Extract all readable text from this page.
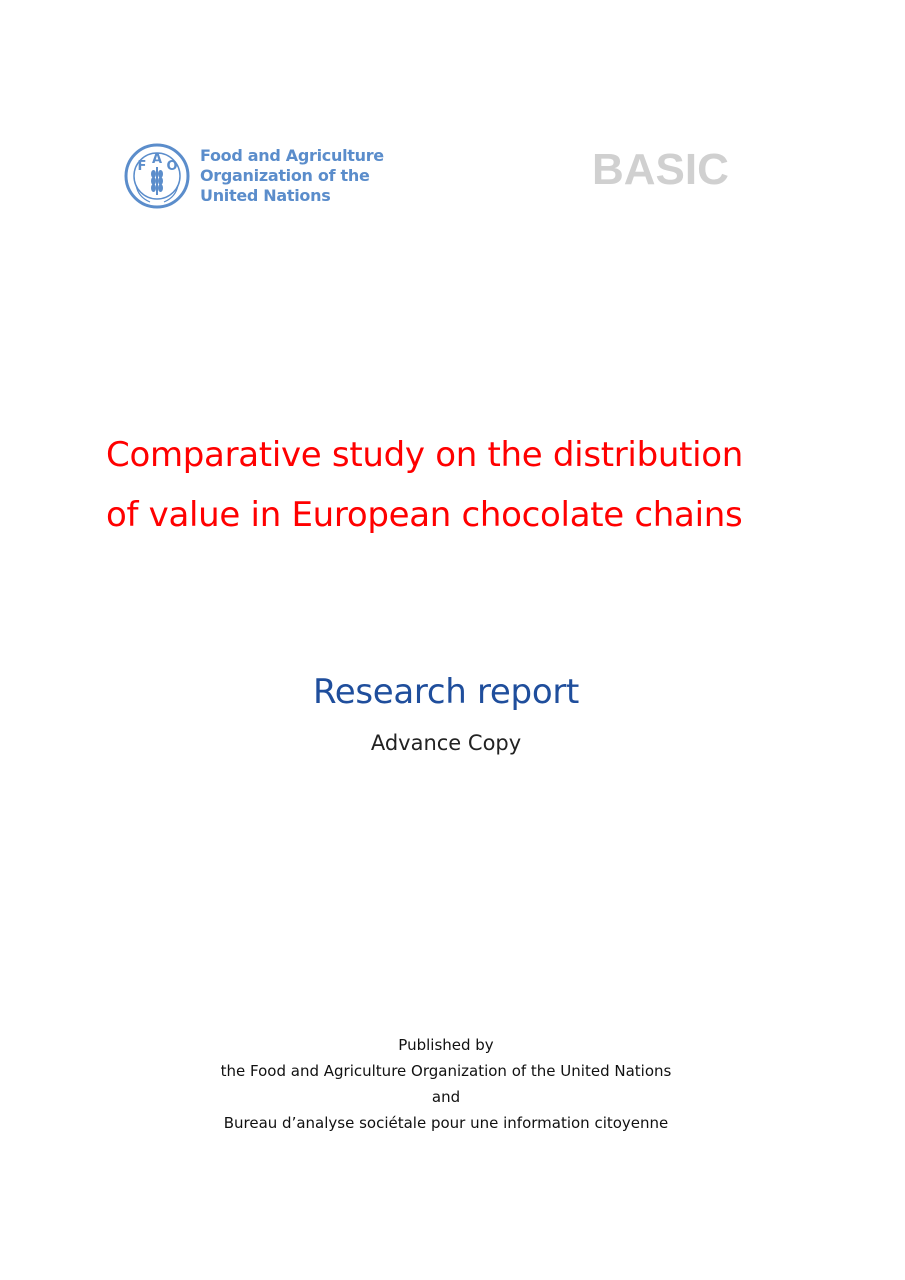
F A O
Food and Agriculture
Organization of the
United Nations
BASIC
Comparative study on the distribution
of value in European chocolate chains
Research report
Advance Copy
Published by
the Food and Agriculture Organization of the United Nations
and
Bureau d’analyse sociétale pour une information citoyenne
